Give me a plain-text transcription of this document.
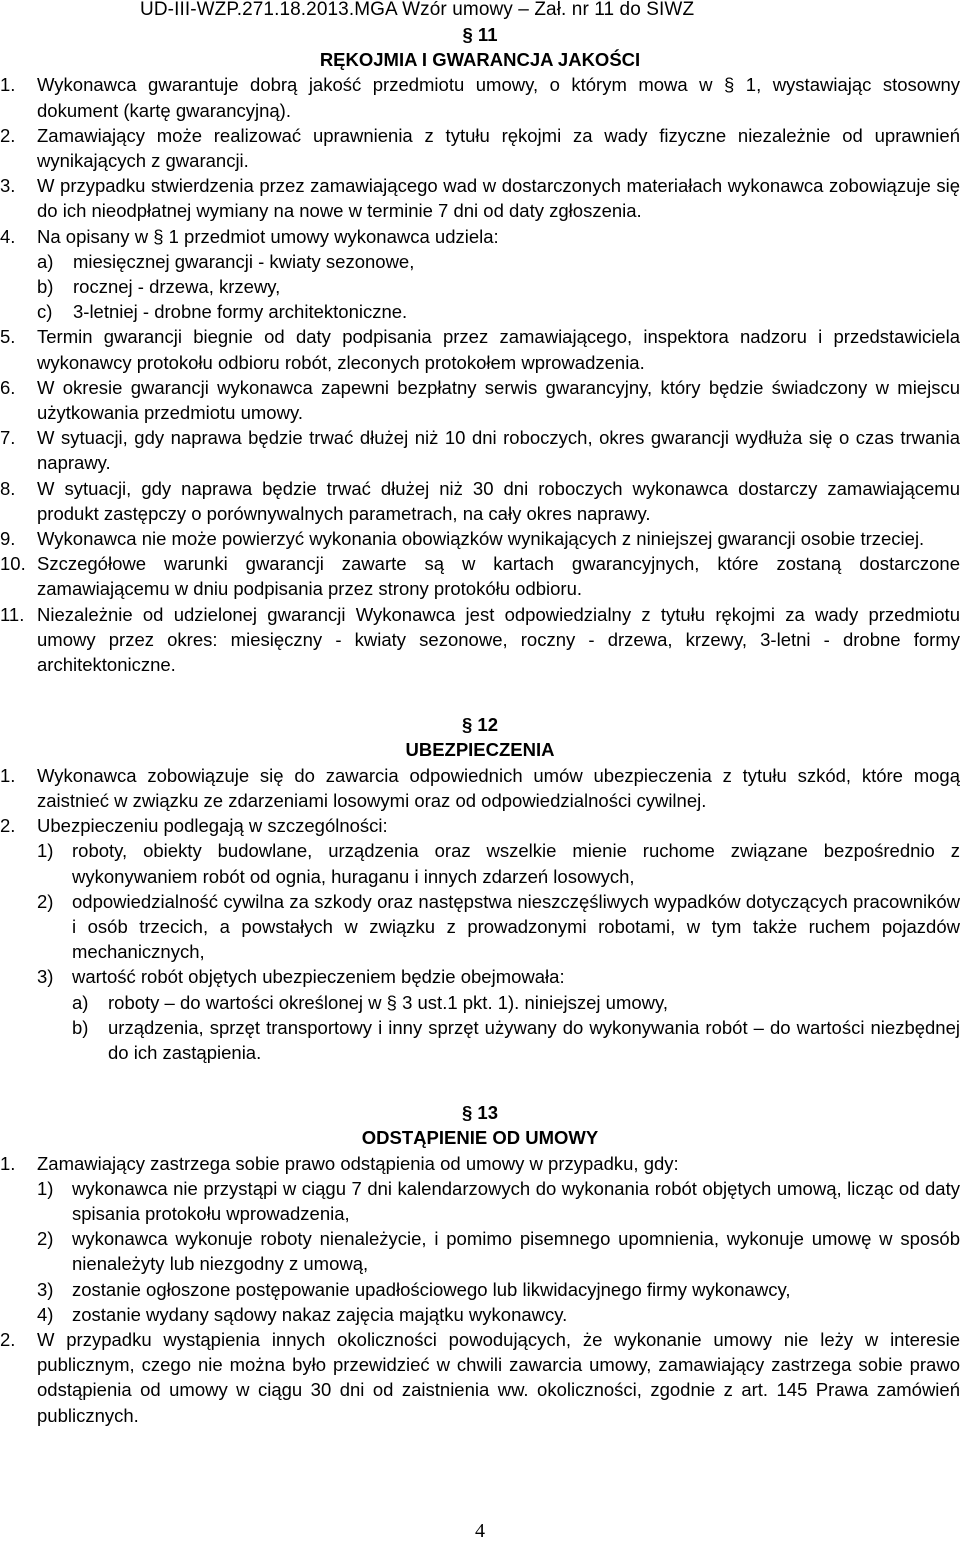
UD-III-WZP.271.18.2013.MGA Wzór umowy – Zał. nr 11 do SIWZ
§ 11
RĘKOJMIA I GWARANCJA JAKOŚCI
1.	Wykonawca gwarantuje dobrą jakość przedmiotu umowy, o którym mowa w § 1, wystawiając stosowny dokument (kartę gwarancyjną).
2.	Zamawiający może realizować uprawnienia z tytułu rękojmi za wady fizyczne niezależnie od uprawnień wynikających z gwarancji.
3.	W przypadku stwierdzenia przez zamawiającego wad w dostarczonych materiałach wykonawca zobowiązuje się do ich nieodpłatnej wymiany na nowe w terminie 7 dni od daty zgłoszenia.
4.	Na opisany w § 1 przedmiot umowy wykonawca udziela:
a)	miesięcznej gwarancji - kwiaty sezonowe,
b)	rocznej - drzewa, krzewy,
c)	3-letniej - drobne formy architektoniczne.
5.	Termin gwarancji biegnie od daty podpisania przez zamawiającego, inspektora nadzoru i przedstawiciela wykonawcy protokołu odbioru robót, zleconych protokołem wprowadzenia.
6.	W okresie gwarancji wykonawca zapewni bezpłatny serwis gwarancyjny, który będzie świadczony w miejscu użytkowania przedmiotu umowy.
7.	W sytuacji, gdy naprawa będzie trwać dłużej niż 10 dni roboczych, okres gwarancji wydłuża się o czas trwania naprawy.
8.	W sytuacji, gdy naprawa będzie trwać dłużej niż 30 dni roboczych wykonawca dostarczy zamawiającemu produkt zastępczy o porównywalnych parametrach, na cały okres naprawy.
9.	Wykonawca nie może powierzyć wykonania obowiązków wynikających z niniejszej gwarancji osobie trzeciej.
10. Szczegółowe warunki gwarancji zawarte są w kartach gwarancyjnych, które zostaną dostarczone zamawiającemu w dniu podpisania przez strony protokółu odbioru.
11. Niezależnie od udzielonej gwarancji Wykonawca jest odpowiedzialny z tytułu rękojmi za wady przedmiotu umowy przez okres: miesięczny - kwiaty sezonowe, roczny - drzewa, krzewy, 3-letni - drobne formy architektoniczne.
§ 12
UBEZPIECZENIA
1.	Wykonawca zobowiązuje się do zawarcia odpowiednich umów ubezpieczenia z tytułu szkód, które mogą zaistnieć w związku ze zdarzeniami losowymi oraz od odpowiedzialności cywilnej.
2.	Ubezpieczeniu podlegają w szczególności:
1)	roboty, obiekty budowlane, urządzenia oraz wszelkie mienie ruchome związane bezpośrednio z wykonywaniem robót od ognia, huraganu i innych zdarzeń losowych,
2)	odpowiedzialność cywilna za szkody oraz następstwa nieszczęśliwych wypadków dotyczących pracowników i osób trzecich, a powstałych w związku z prowadzonymi robotami, w tym także ruchem pojazdów mechanicznych,
3)	wartość robót objętych ubezpieczeniem będzie obejmowała:
a)	roboty – do wartości określonej w § 3 ust.1 pkt. 1). niniejszej umowy,
b)	urządzenia, sprzęt transportowy i inny sprzęt używany do wykonywania robót – do wartości niezbędnej do ich zastąpienia.
§ 13
ODSTĄPIENIE OD UMOWY
1.	Zamawiający zastrzega sobie prawo odstąpienia od umowy w przypadku, gdy:
1)	wykonawca nie przystąpi w ciągu 7 dni kalendarzowych do wykonania robót objętych umową, licząc od daty spisania protokołu wprowadzenia,
2)	wykonawca wykonuje roboty nienależycie, i pomimo pisemnego upomnienia, wykonuje umowę w sposób nienależyty lub niezgodny z umową,
3)	zostanie ogłoszone postępowanie upadłościowego lub likwidacyjnego firmy wykonawcy,
4)	zostanie wydany sądowy nakaz zajęcia majątku wykonawcy.
2.	W przypadku wystąpienia innych okoliczności powodujących, że wykonanie umowy nie leży w interesie publicznym, czego nie można było przewidzieć w chwili zawarcia umowy, zamawiający zastrzega sobie prawo odstąpienia od umowy w ciągu 30 dni od zaistnienia ww. okoliczności, zgodnie z art. 145 Prawa zamówień publicznych.
4
